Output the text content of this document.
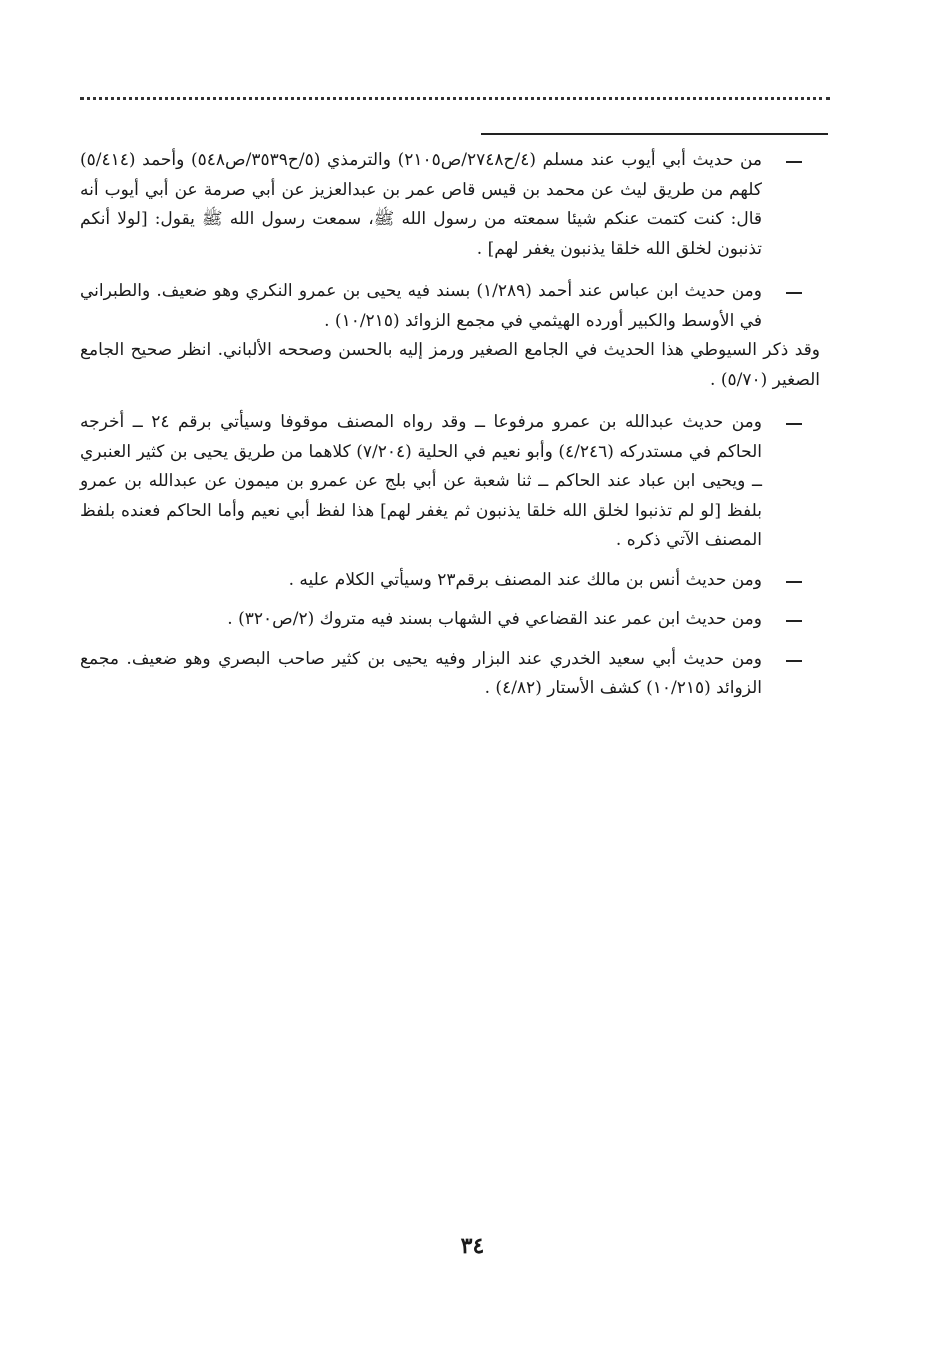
من حديث أبي أيوب عند مسلم (٤/ح٢٧٤٨/ص٢١٠٥) والترمذي (٥/ح٣٥٣٩/ص٥٤٨) وأحمد (٥/٤١٤) كلهم من طريق ليث عن محمد بن قيس قاص عمر بن عبدالعزيز عن أبي صرمة عن أبي أيوب أنه قال: كنت كتمت عنكم شيئا سمعته من رسول الله ﷺ، سمعت رسول الله ﷺ يقول: [لولا أنكم تذنبون لخلق الله خلقا يذنبون يغفر لهم] .
ومن حديث ابن عباس عند أحمد (١/٢٨٩) بسند فيه يحيى بن عمرو النكري وهو ضعيف. والطبراني في الأوسط والكبير أورده الهيثمي في مجمع الزوائد (١٠/٢١٥) .
وقد ذكر السيوطي هذا الحديث في الجامع الصغير ورمز إليه بالحسن وصححه الألباني. انظر صحيح الجامع الصغير (٥/٧٠) .
ومن حديث عبدالله بن عمرو مرفوعا ــ وقد رواه المصنف موقوفا وسيأتي برقم ٢٤ ــ أخرجه الحاكم في مستدركه (٤/٢٤٦) وأبو نعيم في الحلية (٧/٢٠٤) كلاهما من طريق يحيى بن كثير العنبري ــ ويحيى ابن عباد عند الحاكم ــ ثنا شعبة عن أبي بلج عن عمرو بن ميمون عن عبدالله بن عمرو بلفظ [لو لم تذنبوا لخلق الله خلقا يذنبون ثم يغفر لهم] هذا لفظ أبي نعيم وأما الحاكم فعنده بلفظ المصنف الآتي ذكره .
ومن حديث أنس بن مالك عند المصنف برقم٢٣ وسيأتي الكلام عليه .
ومن حديث ابن عمر عند القضاعي في الشهاب بسند فيه متروك (٢/ص٣٢٠) .
ومن حديث أبي سعيد الخدري عند البزار وفيه يحيى بن كثير صاحب البصري وهو ضعيف. مجمع الزوائد (١٠/٢١٥) كشف الأستار (٤/٨٢) .
٣٤
